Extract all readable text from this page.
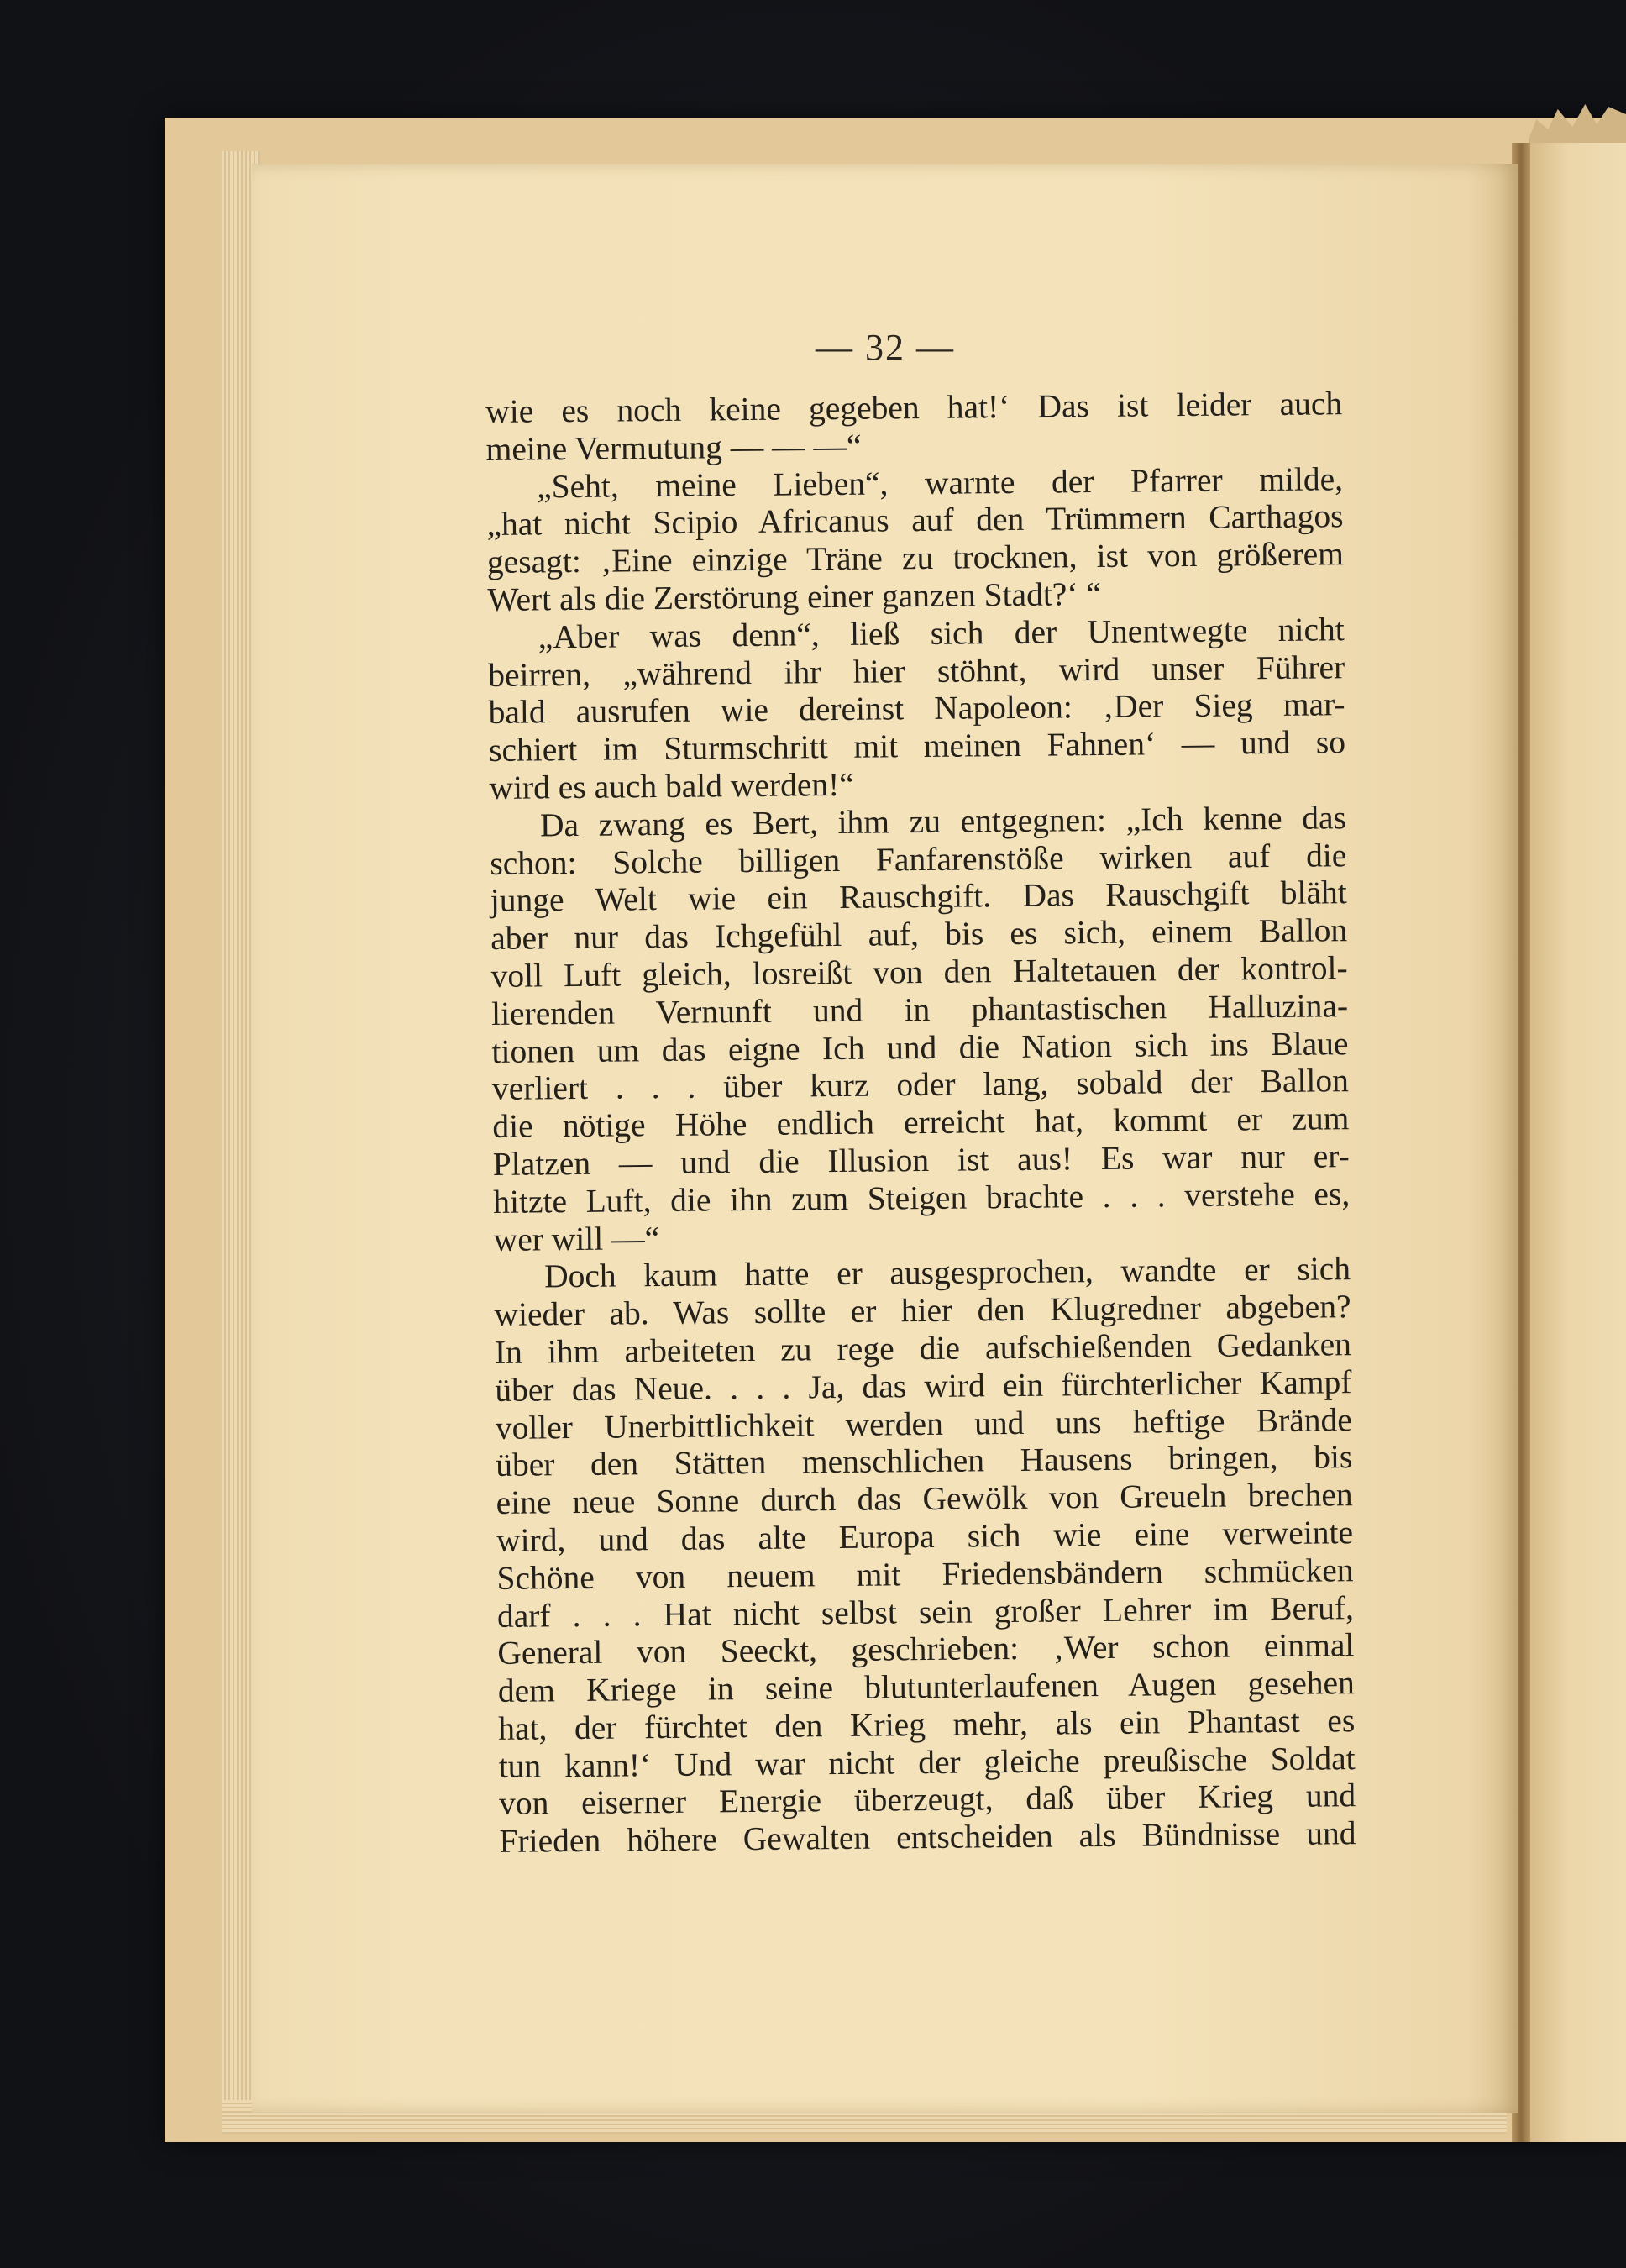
— 32 —
wie es noch keine gegeben hat!‘ Das ist leider auch
meine Vermutung — — —“
„Seht, meine Lieben“, warnte der Pfarrer milde,
„hat nicht Scipio Africanus auf den Trümmern Carthagos
gesagt: ‚Eine einzige Träne zu trocknen, ist von größerem
Wert als die Zerstörung einer ganzen Stadt?‘ “
„Aber was denn“, ließ sich der Unentwegte nicht
beirren, „während ihr hier stöhnt, wird unser Führer
bald ausrufen wie dereinst Napoleon: ‚Der Sieg mar-
schiert im Sturmschritt mit meinen Fahnen‘ — und so
wird es auch bald werden!“
Da zwang es Bert, ihm zu entgegnen: „Ich kenne das
schon: Solche billigen Fanfarenstöße wirken auf die
junge Welt wie ein Rauschgift. Das Rauschgift bläht
aber nur das Ichgefühl auf, bis es sich, einem Ballon
voll Luft gleich, losreißt von den Haltetauen der kontrol-
lierenden Vernunft und in phantastischen Halluzina-
tionen um das eigne Ich und die Nation sich ins Blaue
verliert . . . über kurz oder lang, sobald der Ballon
die nötige Höhe endlich erreicht hat, kommt er zum
Platzen — und die Illusion ist aus! Es war nur er-
hitzte Luft, die ihn zum Steigen brachte . . . verstehe es,
wer will —“
Doch kaum hatte er ausgesprochen, wandte er sich
wieder ab. Was sollte er hier den Klugredner abgeben?
In ihm arbeiteten zu rege die aufschießenden Gedanken
über das Neue. . . . Ja, das wird ein fürchterlicher Kampf
voller Unerbittlichkeit werden und uns heftige Brände
über den Stätten menschlichen Hausens bringen, bis
eine neue Sonne durch das Gewölk von Greueln brechen
wird, und das alte Europa sich wie eine verweinte
Schöne von neuem mit Friedensbändern schmücken
darf . . . Hat nicht selbst sein großer Lehrer im Beruf,
General von Seeckt, geschrieben: ‚Wer schon einmal
dem Kriege in seine blutunterlaufenen Augen gesehen
hat, der fürchtet den Krieg mehr, als ein Phantast es
tun kann!‘ Und war nicht der gleiche preußische Soldat
von eiserner Energie überzeugt, daß über Krieg und
Frieden höhere Gewalten entscheiden als Bündnisse und
